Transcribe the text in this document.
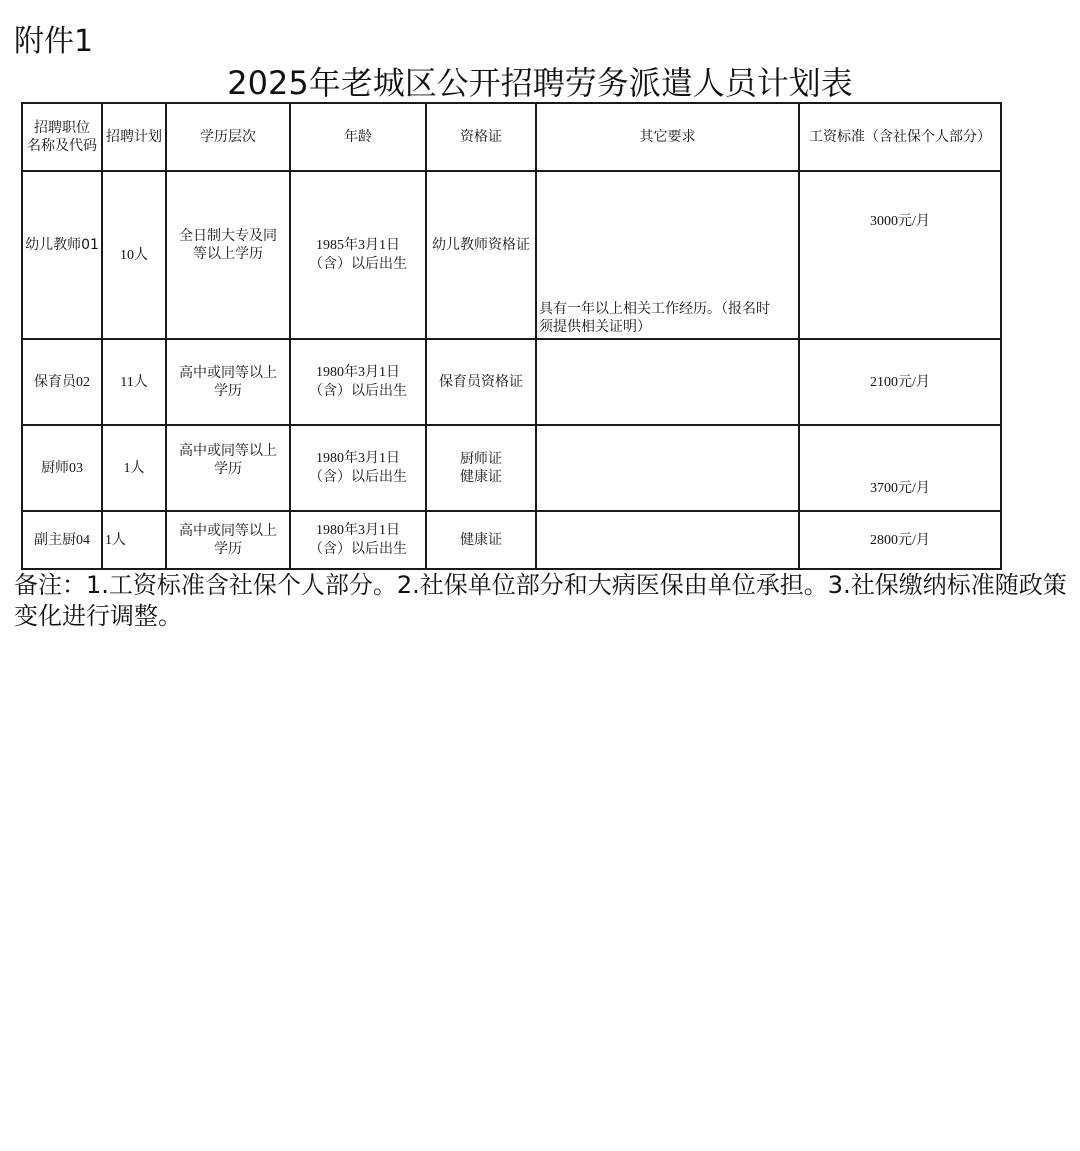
附件1
2025年老城区公开招聘劳务派遣人员计划表
招聘职位
名称及代码	招聘计划	学历层次	年龄	资格证	其它要求	工资标准（含社保个人部分）
幼儿教师01	10人	全日制大专及同
等以上学历	1985年3月1日
（含）以后出生	幼儿教师资格证	具有一年以上相关工作经历。（报名时
须提供相关证明）	3000元/月
保育员02	11人	高中或同等以上
学历	1980年3月1日
（含）以后出生	保育员资格证		2100元/月
厨师03	1人	高中或同等以上
学历	1980年3月1日
（含）以后出生	厨师证
健康证		3700元/月
副主厨04	1人	高中或同等以上
学历	1980年3月1日
（含）以后出生	健康证		2800元/月
备注：1.工资标准含社保个人部分。2.社保单位部分和大病医保由单位承担。3.社保缴纳标准随政策变化进行调整。
